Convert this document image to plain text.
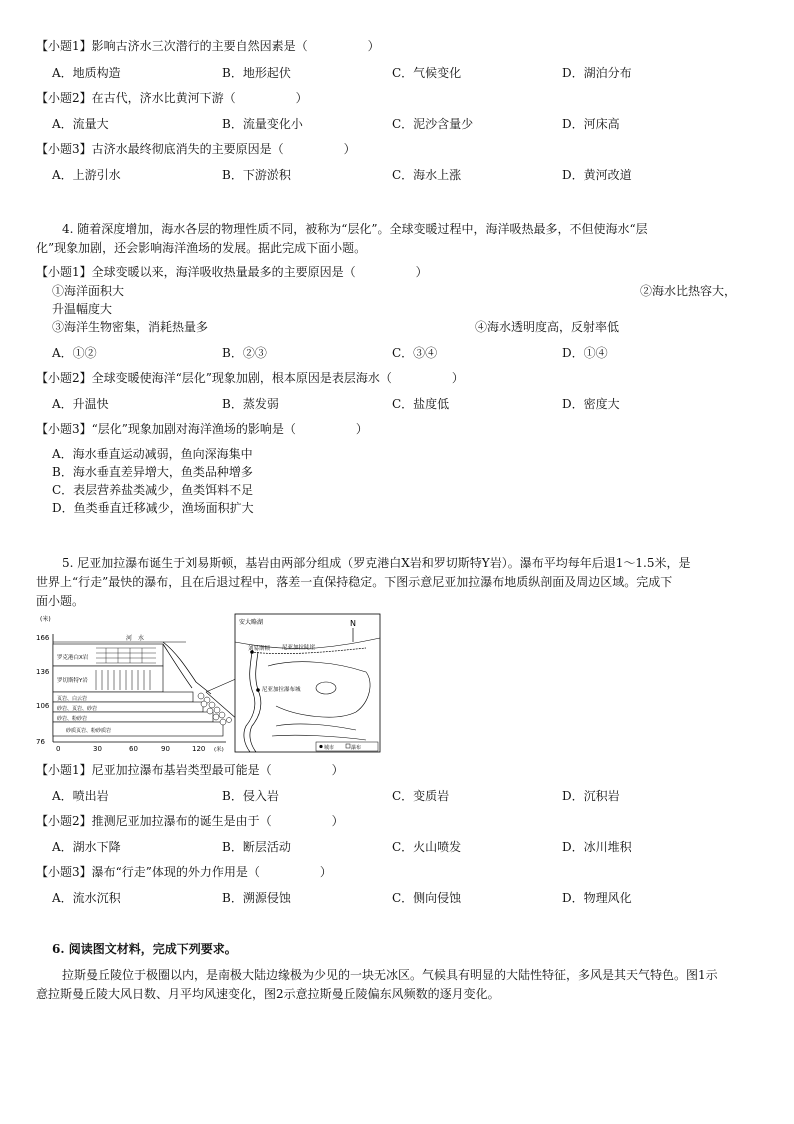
【小题1】影响古济水三次潜行的主要自然因素是（　　　　　）
A．地质构造	B．地形起伏	C．气候变化	D．湖泊分布
【小题2】在古代，济水比黄河下游（　　　　　）
A．流量大	B．流量变化小	C．泥沙含量少	D．河床高
【小题3】古济水最终彻底消失的主要原因是（　　　　　）
A．上游引水	B．下游淤积	C．海水上涨	D．黄河改道
4. 随着深度增加，海水各层的物理性质不同，被称为“层化”。全球变暖过程中，海洋吸热最多，不但使海水“层
化”现象加剧，还会影响海洋渔场的发展。据此完成下面小题。
【小题1】全球变暖以来，海洋吸收热量最多的主要原因是（　　　　　）
①海洋面积大	②海水比热容大，
升温幅度大
③海洋生物密集，消耗热量多	④海水透明度高，反射率低
A．①②	B．②③	C．③④	D．①④
【小题2】全球变暖使海洋“层化”现象加剧，根本原因是表层海水（　　　　　）
A．升温快	B．蒸发弱	C．盐度低	D．密度大
【小题3】“层化”现象加剧对海洋渔场的影响是（　　　　　）
A．海水垂直运动减弱，鱼向深海集中
B．海水垂直差异增大，鱼类品种增多
C．表层营养盐类减少，鱼类饵料不足
D．鱼类垂直迁移减少，渔场面积扩大
5. 尼亚加拉瀑布诞生于刘易斯顿，基岩由两部分组成（罗克港白X岩和罗切斯特Y岩）。瀑布平均每年后退1～1.5米，是
世界上“行走”最快的瀑布，且在后退过程中，落差一直保持稳定。下图示意尼亚加拉瀑布地质纵剖面及周边区域。完成下
面小题。
(米)
166
136
106
76
河　水
罗克港白X岩
罗切斯特Y岩
页岩、白云岩
砂岩、页岩、砂岩
砂岩、粉砂岩
砂质页岩、粉砂质岩
0	30	60	90	120 (米)
安大略湖
刘易斯顿 尼亚加拉陡崖
N
尼亚加拉瀑布城
城市	瀑布
【小题1】尼亚加拉瀑布基岩类型最可能是（　　　　　）
A．喷出岩	B．侵入岩	C．变质岩	D．沉积岩
【小题2】推测尼亚加拉瀑布的诞生是由于（　　　　　）
A．湖水下降	B．断层活动	C．火山喷发	D．冰川堆积
【小题3】瀑布“行走”体现的外力作用是（　　　　　）
A．流水沉积	B．溯源侵蚀	C．侧向侵蚀	D．物理风化
6. 阅读图文材料，完成下列要求。
拉斯曼丘陵位于极圈以内，是南极大陆边缘极为少见的一块无冰区。气候具有明显的大陆性特征，多风是其天气特色。图1示
意拉斯曼丘陵大风日数、月平均风速变化，图2示意拉斯曼丘陵偏东风频数的逐月变化。
